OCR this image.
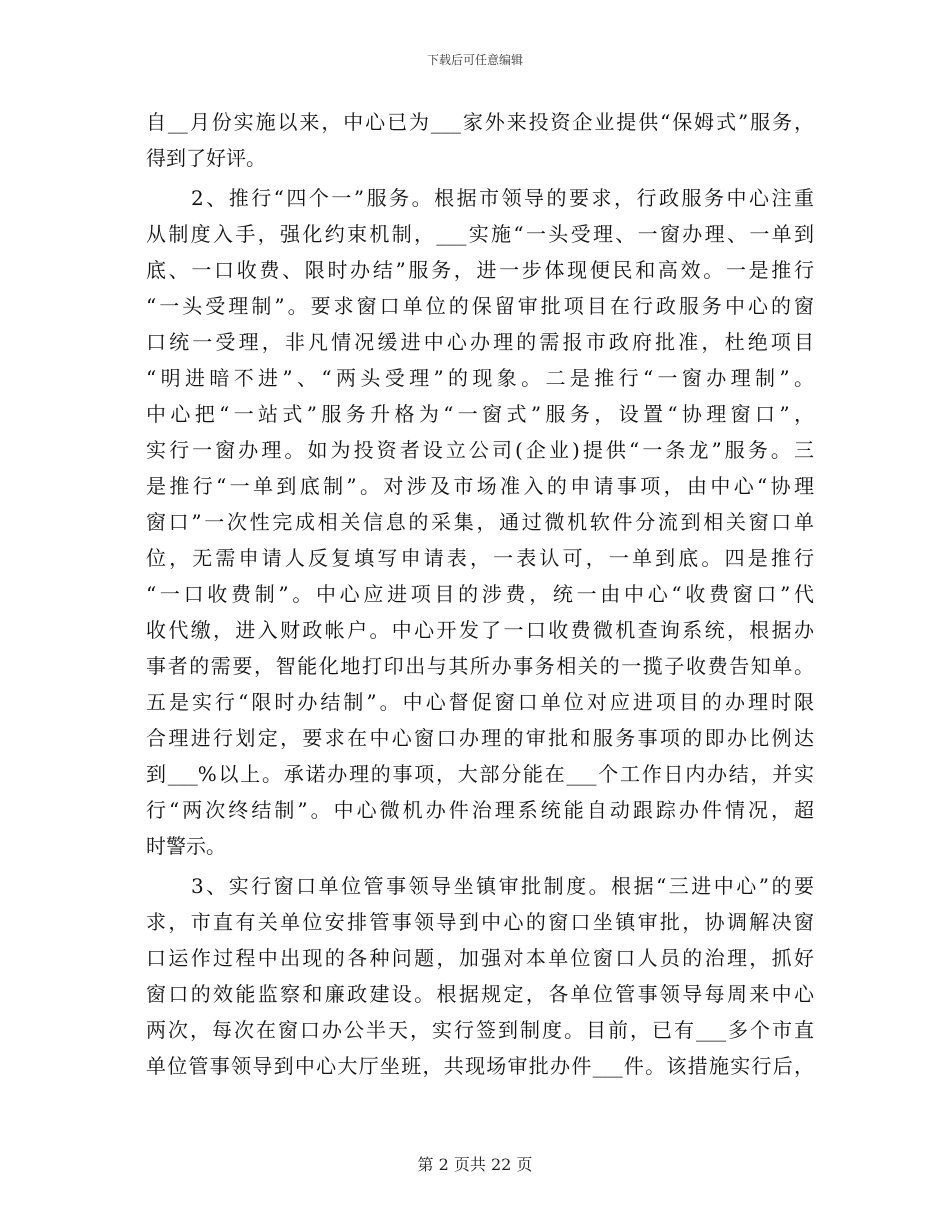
下载后可任意编辑
自__月份实施以来，中心已为___家外来投资企业提供“保姆式”服务，
得到了好评。
　　2、推行“四个一”服务。根据市领导的要求，行政服务中心注重
从制度入手，强化约束机制，___实施“一头受理、一窗办理、一单到
底、一口收费、限时办结”服务，进一步体现便民和高效。一是推行
“一头受理制”。要求窗口单位的保留审批项目在行政服务中心的窗
口统一受理，非凡情况缓进中心办理的需报市政府批准，杜绝项目
“明进暗不进”、“两头受理”的现象。二是推行“一窗办理制”。
中心把“一站式”服务升格为“一窗式”服务，设置“协理窗口”，
实行一窗办理。如为投资者设立公司(企业)提供“一条龙”服务。三
是推行“一单到底制”。对涉及市场准入的申请事项，由中心“协理
窗口”一次性完成相关信息的采集，通过微机软件分流到相关窗口单
位，无需申请人反复填写申请表，一表认可，一单到底。四是推行
“一口收费制”。中心应进项目的涉费，统一由中心“收费窗口”代
收代缴，进入财政帐户。中心开发了一口收费微机查询系统，根据办
事者的需要，智能化地打印出与其所办事务相关的一揽子收费告知单。
五是实行“限时办结制”。中心督促窗口单位对应进项目的办理时限
合理进行划定，要求在中心窗口办理的审批和服务事项的即办比例达
到___%以上。承诺办理的事项，大部分能在___个工作日内办结，并实
行“两次终结制”。中心微机办件治理系统能自动跟踪办件情况，超
时警示。
　　3、实行窗口单位管事领导坐镇审批制度。根据“三进中心”的要
求，市直有关单位安排管事领导到中心的窗口坐镇审批，协调解决窗
口运作过程中出现的各种问题，加强对本单位窗口人员的治理，抓好
窗口的效能监察和廉政建设。根据规定，各单位管事领导每周来中心
两次，每次在窗口办公半天，实行签到制度。目前，已有___多个市直
单位管事领导到中心大厅坐班，共现场审批办件___件。该措施实行后，
第 2 页共 22 页
